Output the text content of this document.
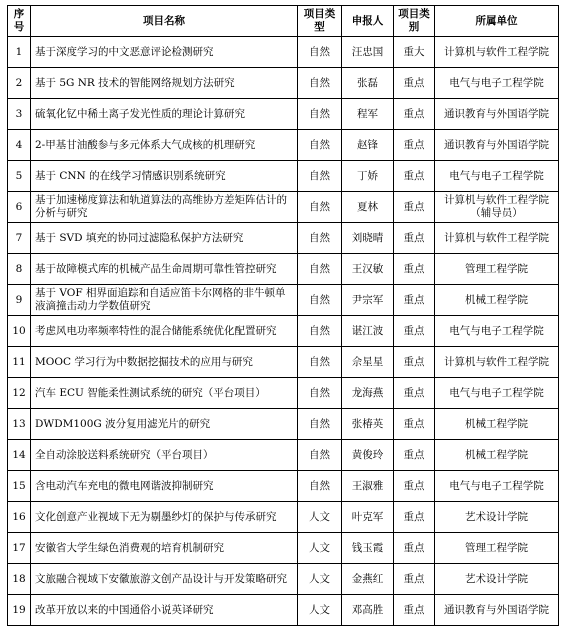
序号	项目名称	项目类型	申报人	项目类别	所属单位
1	基于深度学习的中文恶意评论检测研究	自然	汪忠国	重大	计算机与软件工程学院
2	基于 5G NR 技术的智能网络规划方法研究	自然	张磊	重点	电气与电子工程学院
3	硫氧化钇中稀土离子发光性质的理论计算研究	自然	程军	重点	通识教育与外国语学院
4	2-甲基甘油酸参与多元体系大气成核的机理研究	自然	赵锋	重点	通识教育与外国语学院
5	基于 CNN 的在线学习情感识别系统研究	自然	丁娇	重点	电气与电子工程学院
6	基于加速梯度算法和轨道算法的高维协方差矩阵估计的分析与研究	自然	夏林	重点	计算机与软件工程学院（辅导员）
7	基于 SVD 填充的协同过滤隐私保护方法研究	自然	刘晓晴	重点	计算机与软件工程学院
8	基于故障模式库的机械产品生命周期可靠性管控研究	自然	王汉敏	重点	管理工程学院
9	基于 VOF 相界面追踪和自适应笛卡尔网格的非牛顿单液滴撞击动力学数值研究	自然	尹宗军	重点	机械工程学院
10	考虑风电功率频率特性的混合储能系统优化配置研究	自然	谌江波	重点	电气与电子工程学院
11	MOOC 学习行为中数据挖掘技术的应用与研究	自然	佘星星	重点	计算机与软件工程学院
12	汽车 ECU 智能柔性测试系统的研究（平台项目）	自然	龙海燕	重点	电气与电子工程学院
13	DWDM100G 波分复用滤光片的研究	自然	张椿英	重点	机械工程学院
14	全自动涂胶送料系统研究（平台项目）	自然	黄俊玲	重点	机械工程学院
15	含电动汽车充电的微电网谐波抑制研究	自然	王淑雅	重点	电气与电子工程学院
16	文化创意产业视域下无为剔墨纱灯的保护与传承研究	人文	叶克军	重点	艺术设计学院
17	安徽省大学生绿色消费观的培育机制研究	人文	钱玉霞	重点	管理工程学院
18	文旅融合视域下安徽旅游文创产品设计与开发策略研究	人文	金燕红	重点	艺术设计学院
19	改革开放以来的中国通俗小说英译研究	人文	邓高胜	重点	通识教育与外国语学院
